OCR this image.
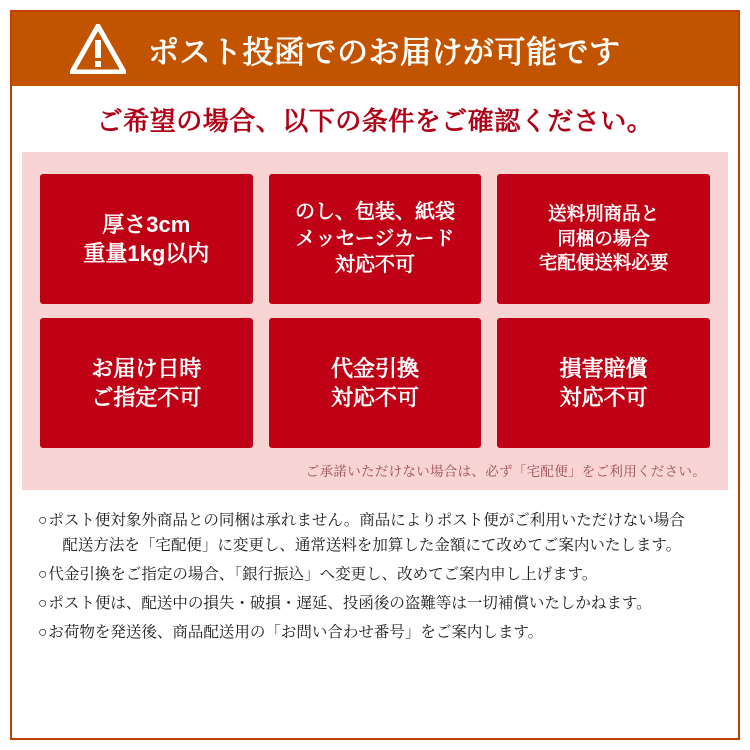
ポスト投函でのお届けが可能です
ご希望の場合、以下の条件をご確認ください。
厚さ3cm
重量1kg以内
のし、包装、紙袋
メッセージカード
対応不可
送料別商品と
同梱の場合
宅配便送料必要
お届け日時
ご指定不可
代金引換
対応不可
損害賠償
対応不可
ご承諾いただけない場合は、必ず「宅配便」をご利用ください。
○ ポスト便対象外商品との同梱は承れません。商品によりポスト便がご利用いただけない場合
配送方法を「宅配便」に変更し、通常送料を加算した金額にて改めてご案内いたします。
○ 代金引換をご指定の場合、「銀行振込」へ変更し、改めてご案内申し上げます。
○ ポスト便は、配送中の損失・破損・遅延、投函後の盗難等は一切補償いたしかねます。
○ お荷物を発送後、商品配送用の「お問い合わせ番号」をご案内します。
